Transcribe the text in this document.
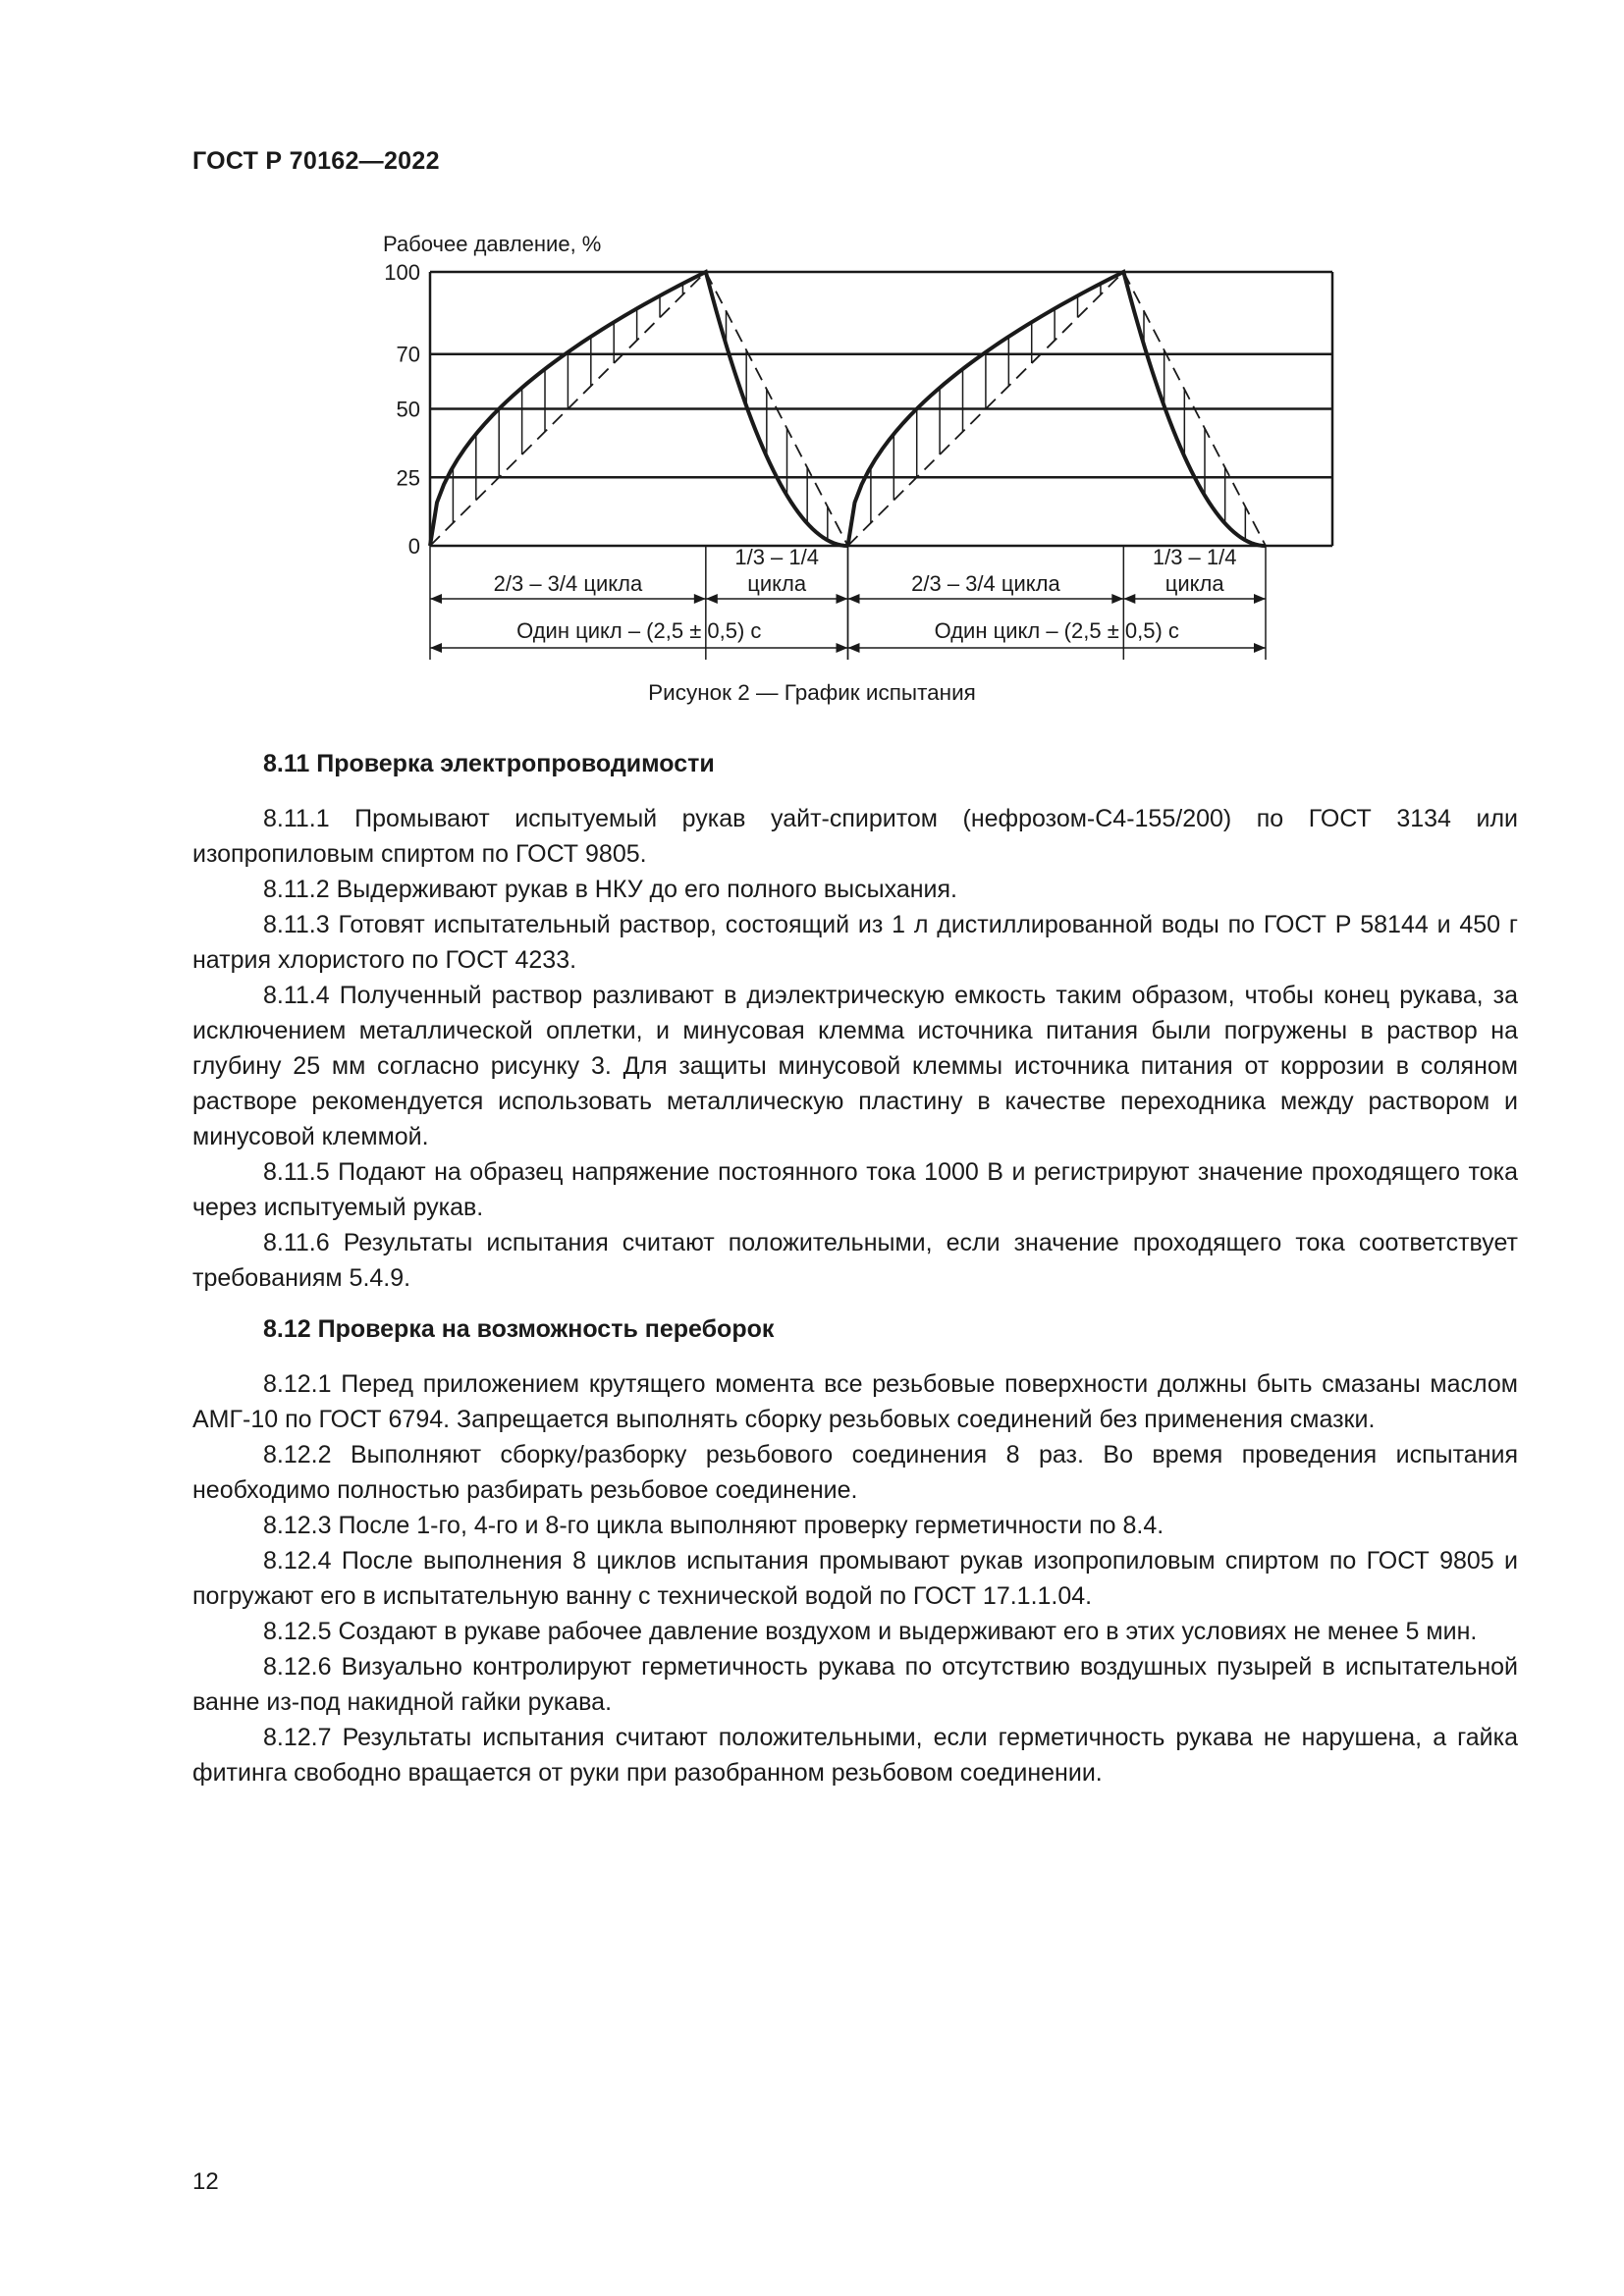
ГОСТ Р 70162—2022
100
70
50
25
0
Рабочее давление, %
2/3 – 3/4 цикла
1/3 – 1/4
цикла
Один цикл – (2,5 ± 0,5) с
2/3 – 3/4 цикла
1/3 – 1/4
цикла
Один цикл – (2,5 ± 0,5) с
Рисунок 2 — График испытания
8.11 Проверка электропроводимости

8.11.1 Промывают испытуемый рукав уайт-спиритом (нефрозом-С4-155/200) по ГОСТ 3134 или изопропиловым спиртом по ГОСТ 9805.

8.11.2 Выдерживают рукав в НКУ до его полного высыхания.

8.11.3 Готовят испытательный раствор, состоящий из 1 л дистиллированной воды по ГОСТ Р 58144 и 450 г натрия хлористого по ГОСТ 4233.

8.11.4 Полученный раствор разливают в диэлектрическую емкость таким образом, чтобы конец рукава, за исключением металлической оплетки, и минусовая клемма источника питания были погружены в раствор на глубину 25 мм согласно рисунку 3. Для защиты минусовой клеммы источника питания от коррозии в соляном растворе рекомендуется использовать металлическую пластину в качестве переходника между раствором и минусовой клеммой.

8.11.5 Подают на образец напряжение постоянного тока 1000 В и регистрируют значение проходящего тока через испытуемый рукав.

8.11.6 Результаты испытания считают положительными, если значение проходящего тока соответствует требованиям 5.4.9.

8.12 Проверка на возможность переборок

8.12.1 Перед приложением крутящего момента все резьбовые поверхности должны быть смазаны маслом АМГ-10 по ГОСТ 6794. Запрещается выполнять сборку резьбовых соединений без применения смазки.

8.12.2 Выполняют сборку/разборку резьбового соединения 8 раз. Во время проведения испытания необходимо полностью разбирать резьбовое соединение.

8.12.3 После 1-го, 4-го и 8-го цикла выполняют проверку герметичности по 8.4.

8.12.4 После выполнения 8 циклов испытания промывают рукав изопропиловым спиртом по ГОСТ 9805 и погружают его в испытательную ванну с технической водой по ГОСТ 17.1.1.04.

8.12.5 Создают в рукаве рабочее давление воздухом и выдерживают его в этих условиях не менее 5 мин.

8.12.6 Визуально контролируют герметичность рукава по отсутствию воздушных пузырей в испытательной ванне из-под накидной гайки рукава.

8.12.7 Результаты испытания считают положительными, если герметичность рукава не нарушена, а гайка фитинга свободно вращается от руки при разобранном резьбовом соединении.

12
